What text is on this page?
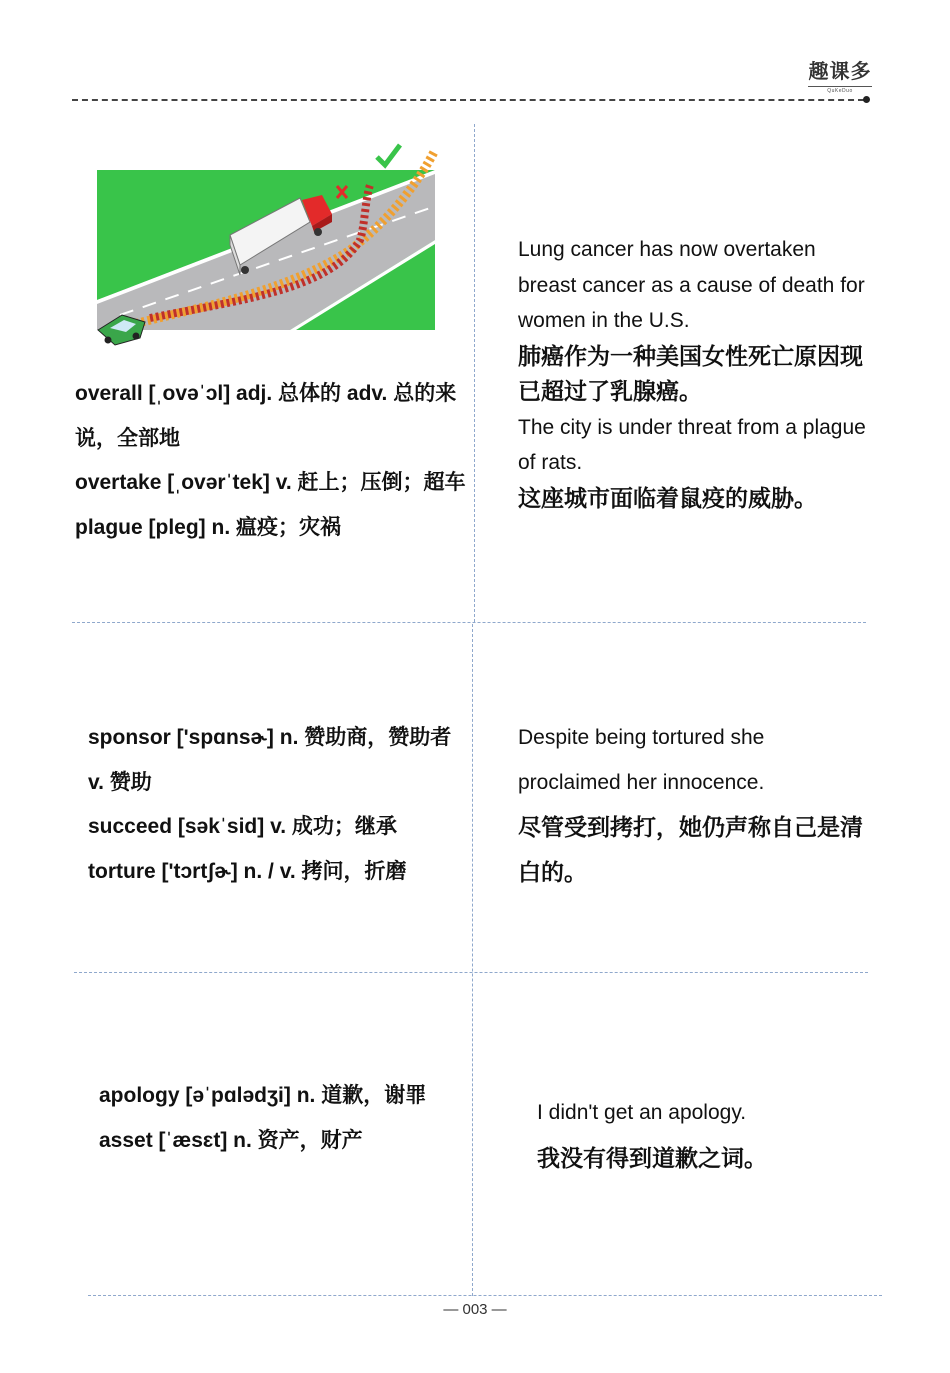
趣课多
QuKeDuo

overall [ˌovəˈɔl] adj. 总体的 adv. 总的来说，全部地

overtake [ˌovərˈtek] v. 赶上；压倒；超车

plague [pleg] n. 瘟疫；灾祸

Lung cancer has now overtaken breast cancer as a cause of death for women in the U.S.

肺癌作为一种美国女性死亡原因现已超过了乳腺癌。

The city is under threat from a plague of rats.

这座城市面临着鼠疫的威胁。

sponsor ['spɑnsɚ] n. 赞助商，赞助者 v. 赞助

succeed [səkˈsid] v. 成功；继承

torture ['tɔrtʃɚ] n. / v. 拷问，折磨

Despite being tortured she proclaimed her innocence.

尽管受到拷打，她仍声称自己是清白的。

apology [əˈpɑlədʒi] n. 道歉，谢罪

asset [ˈæsɛt] n. 资产，财产

I didn't get an apology.

我没有得到道歉之词。

— 003 —
